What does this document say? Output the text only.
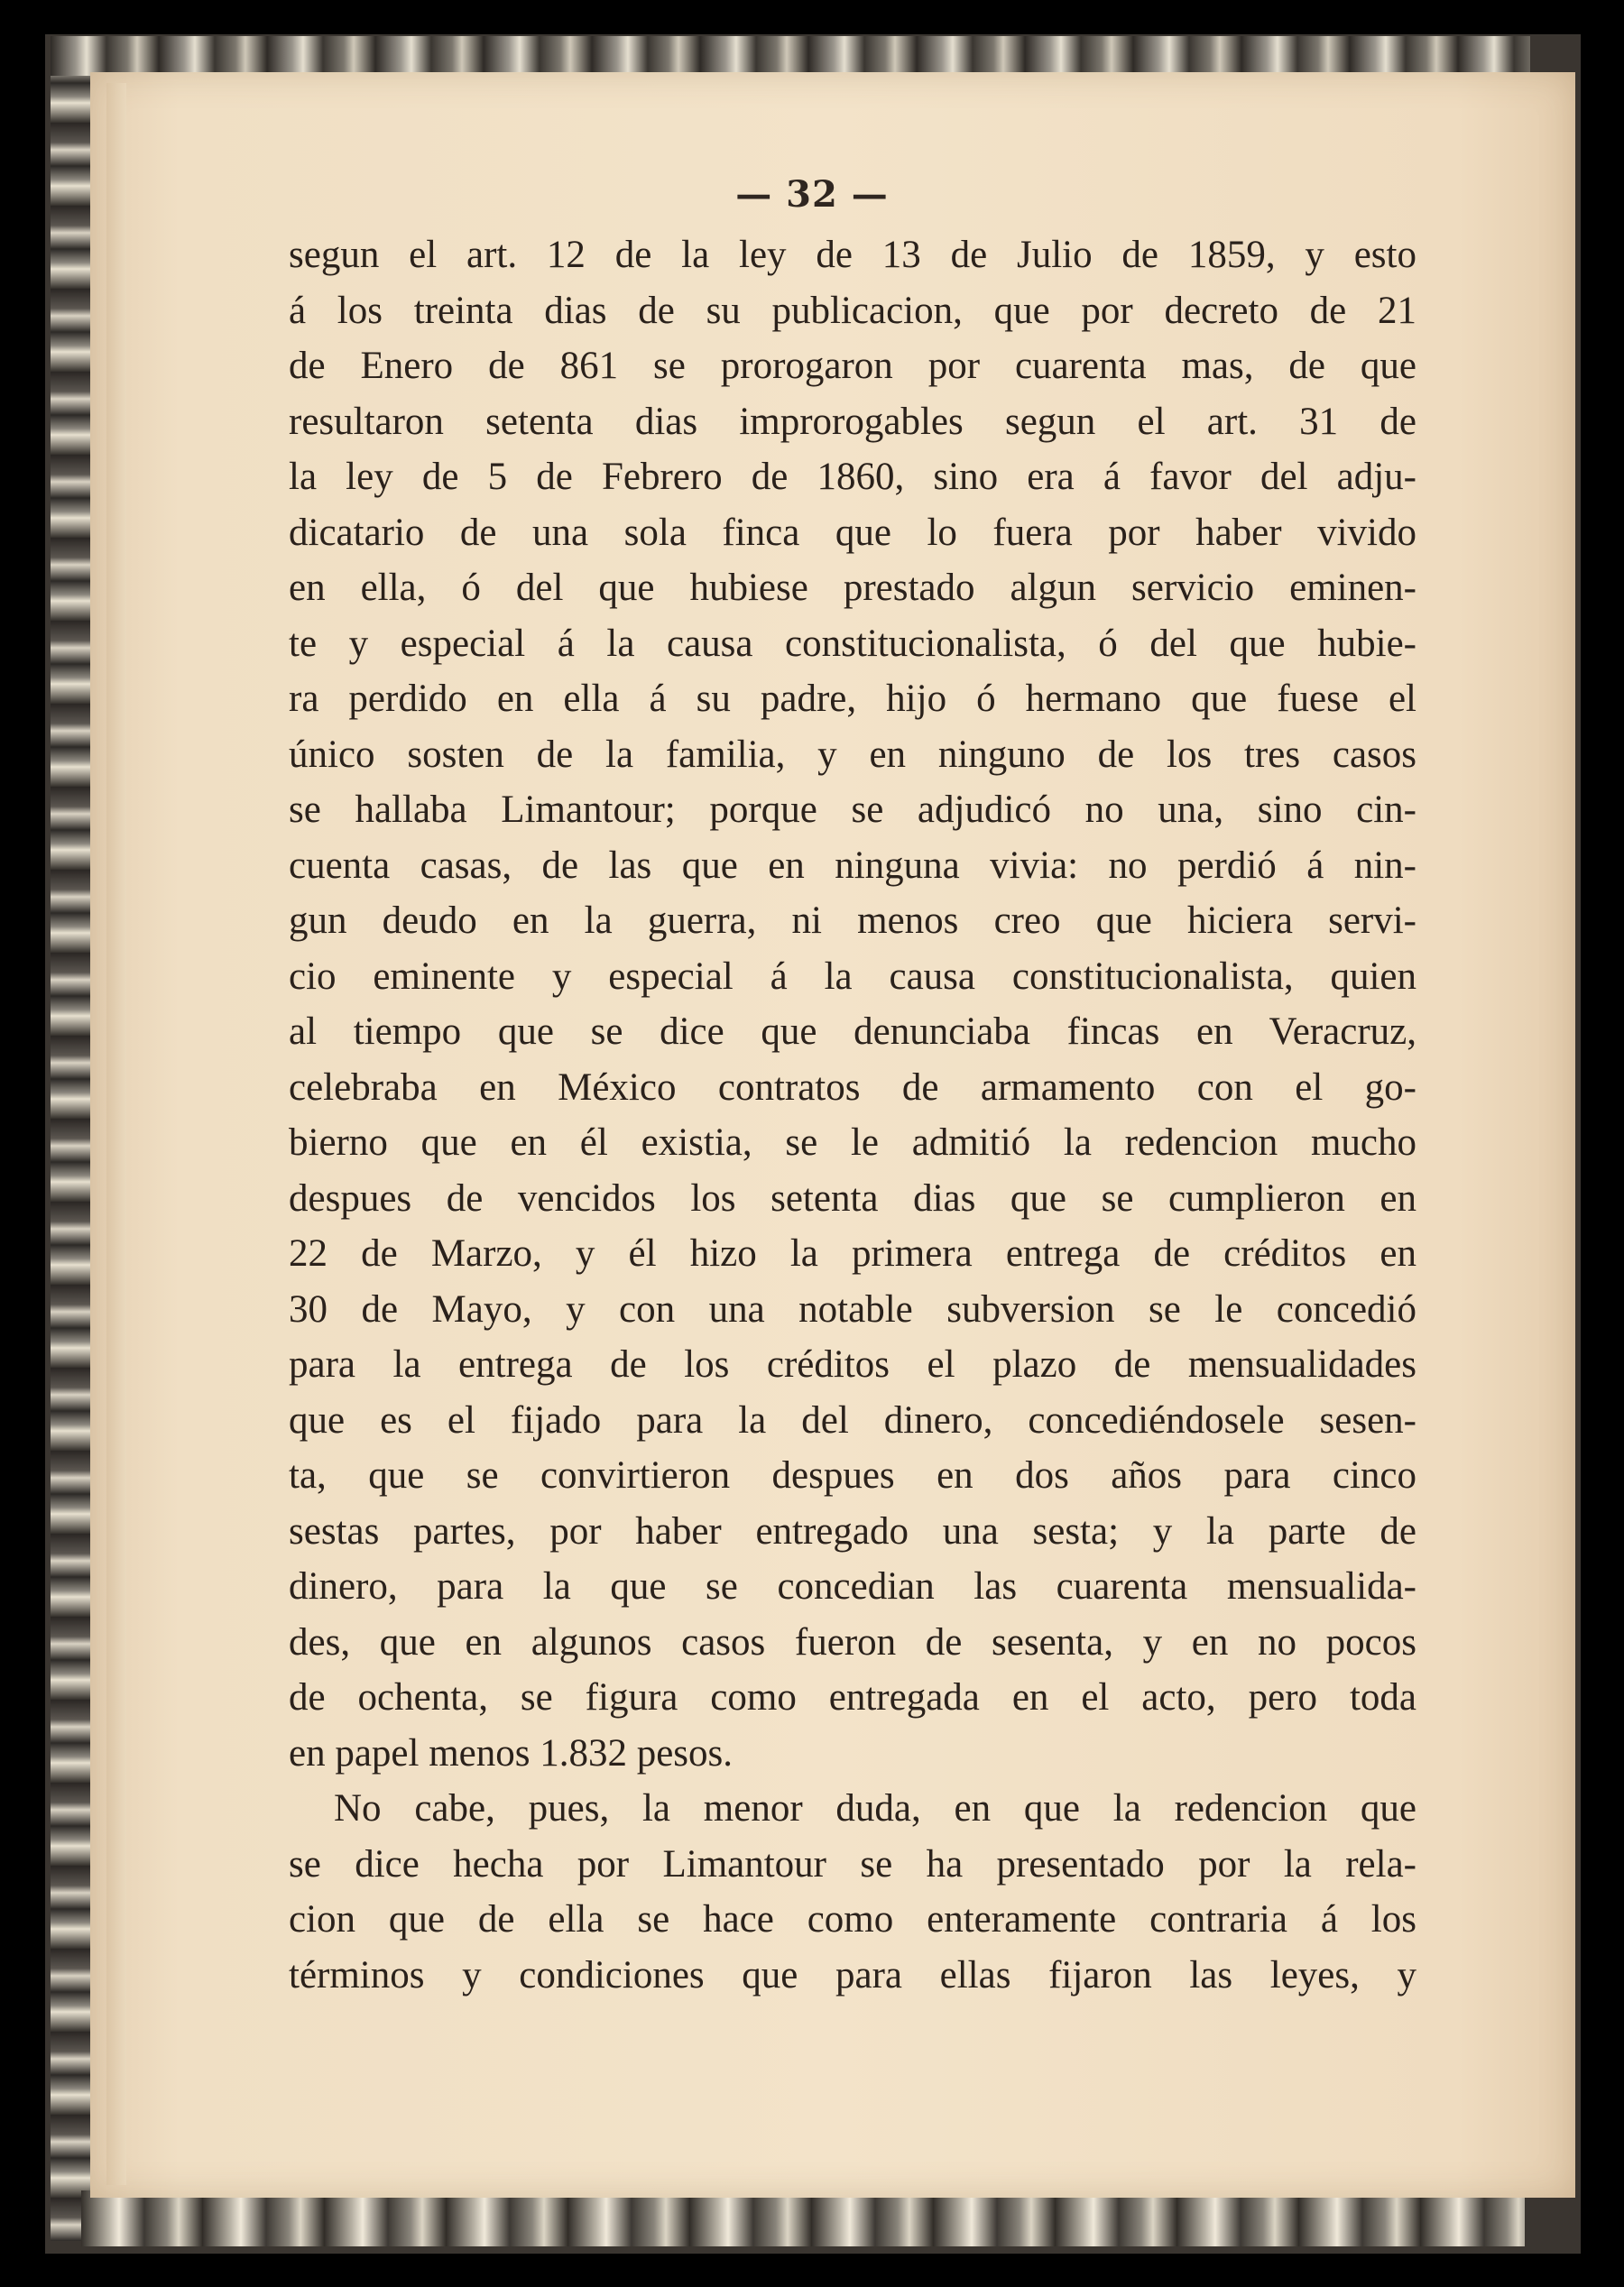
— 32 —
segun el art. 12 de la ley de 13 de Julio de 1859, y esto
á los treinta dias de su publicacion, que por decreto de 21
de Enero de 861 se prorogaron por cuarenta mas, de que
resultaron setenta dias improrogables segun el art. 31 de
la ley de 5 de Febrero de 1860, sino era á favor del adju-
dicatario de una sola finca que lo fuera por haber vivido
en ella, ó del que hubiese prestado algun servicio eminen-
te y especial á la causa constitucionalista, ó del que hubie-
ra perdido en ella á su padre, hijo ó hermano que fuese el
único sosten de la familia, y en ninguno de los tres casos
se hallaba Limantour; porque se adjudicó no una, sino cin-
cuenta casas, de las que en ninguna vivia: no perdió á nin-
gun deudo en la guerra, ni menos creo que hiciera servi-
cio eminente y especial á la causa constitucionalista, quien
al tiempo que se dice que denunciaba fincas en Veracruz,
celebraba en México contratos de armamento con el go-
bierno que en él existia, se le admitió la redencion mucho
despues de vencidos los setenta dias que se cumplieron en
22 de Marzo, y él hizo la primera entrega de créditos en
30 de Mayo, y con una notable subversion se le concedió
para la entrega de los créditos el plazo de mensualidades
que es el fijado para la del dinero, concediéndosele sesen-
ta, que se convirtieron despues en dos años para cinco
sestas partes, por haber entregado una sesta; y la parte de
dinero, para la que se concedian las cuarenta mensualida-
des, que en algunos casos fueron de sesenta, y en no pocos
de ochenta, se figura como entregada en el acto, pero toda
en papel menos 1.832 pesos.
No cabe, pues, la menor duda, en que la redencion que
se dice hecha por Limantour se ha presentado por la rela-
cion que de ella se hace como enteramente contraria á los
términos y condiciones que para ellas fijaron las leyes, y
